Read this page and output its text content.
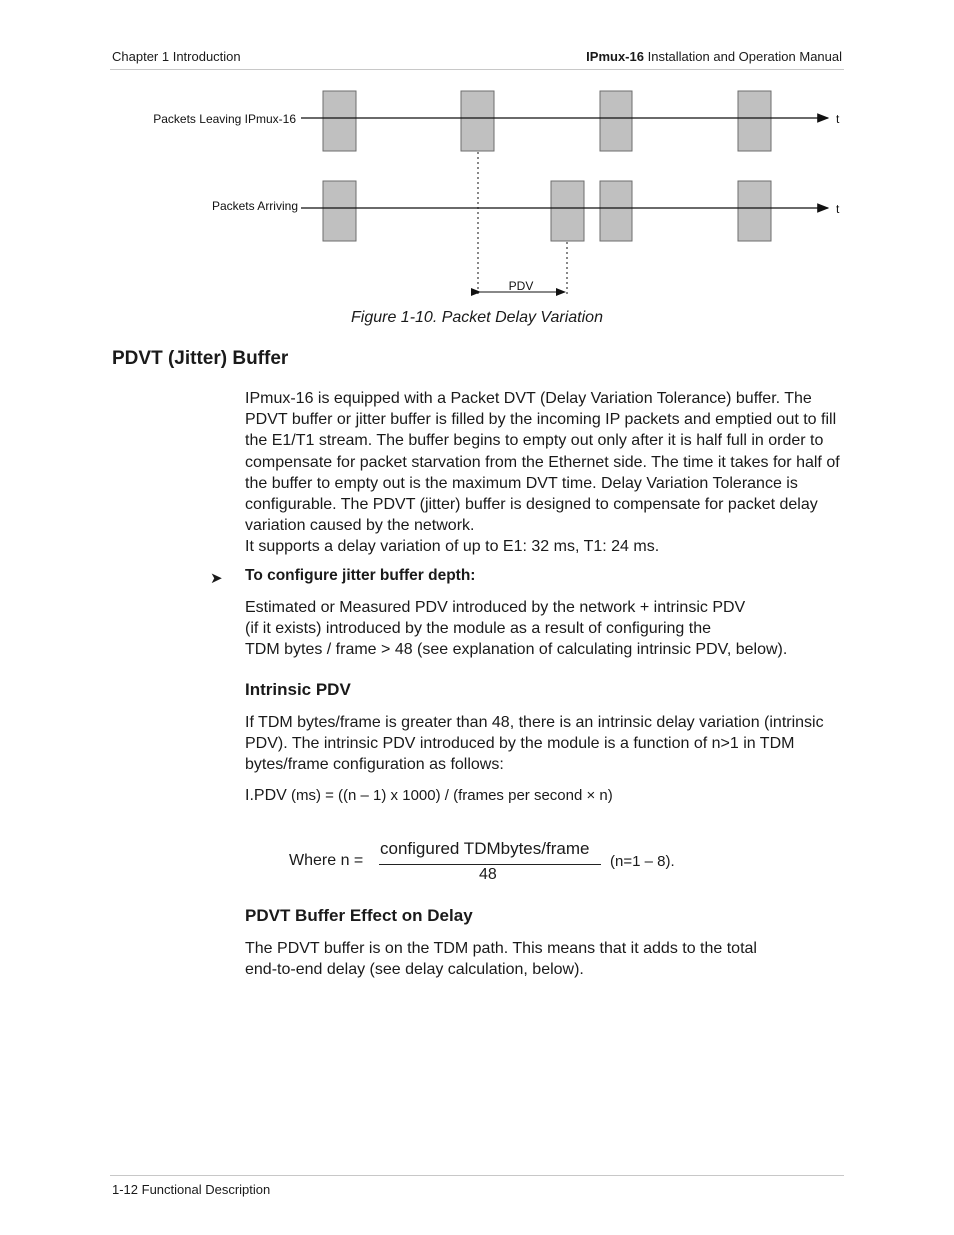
Chapter 1 Introduction	IPmux-16 Installation and Operation Manual
Packets Leaving IPmux-16	t
Packets Arriving	t
PDV
Figure 1-10. Packet Delay Variation
PDVT (Jitter) Buffer

IPmux-16 is equipped with a Packet DVT (Delay Variation Tolerance) buffer. The PDVT buffer or jitter buffer is filled by the incoming IP packets and emptied out to fill the E1/T1 stream. The buffer begins to empty out only after it is half full in order to compensate for packet starvation from the Ethernet side. The time it takes for half of the buffer to empty out is the maximum DVT time. Delay Variation Tolerance is configurable. The PDVT (jitter) buffer is designed to compensate for packet delay variation caused by the network.

It supports a delay variation of up to E1: 32 ms, T1: 24 ms.

➤ To configure jitter buffer depth:

Estimated or Measured PDV introduced by the network + intrinsic PDV

(if it exists) introduced by the module as a result of configuring the

TDM bytes / frame > 48 (see explanation of calculating intrinsic PDV, below).

Intrinsic PDV
If TDM bytes/frame is greater than 48, there is an intrinsic delay variation (intrinsic PDV). The intrinsic PDV introduced by the module is a function of n>1 in TDM bytes/frame configuration as follows:
I.PDV (ms) = ((n – 1) x 1000) / (frames per second × n)
Where n =
configured TDMbytes/frame
48
(n=1 – 8).
PDVT Buffer Effect on Delay
The PDVT buffer is on the TDM path. This means that it adds to the total end-to-end delay (see delay calculation, below).
1-12 Functional Description
